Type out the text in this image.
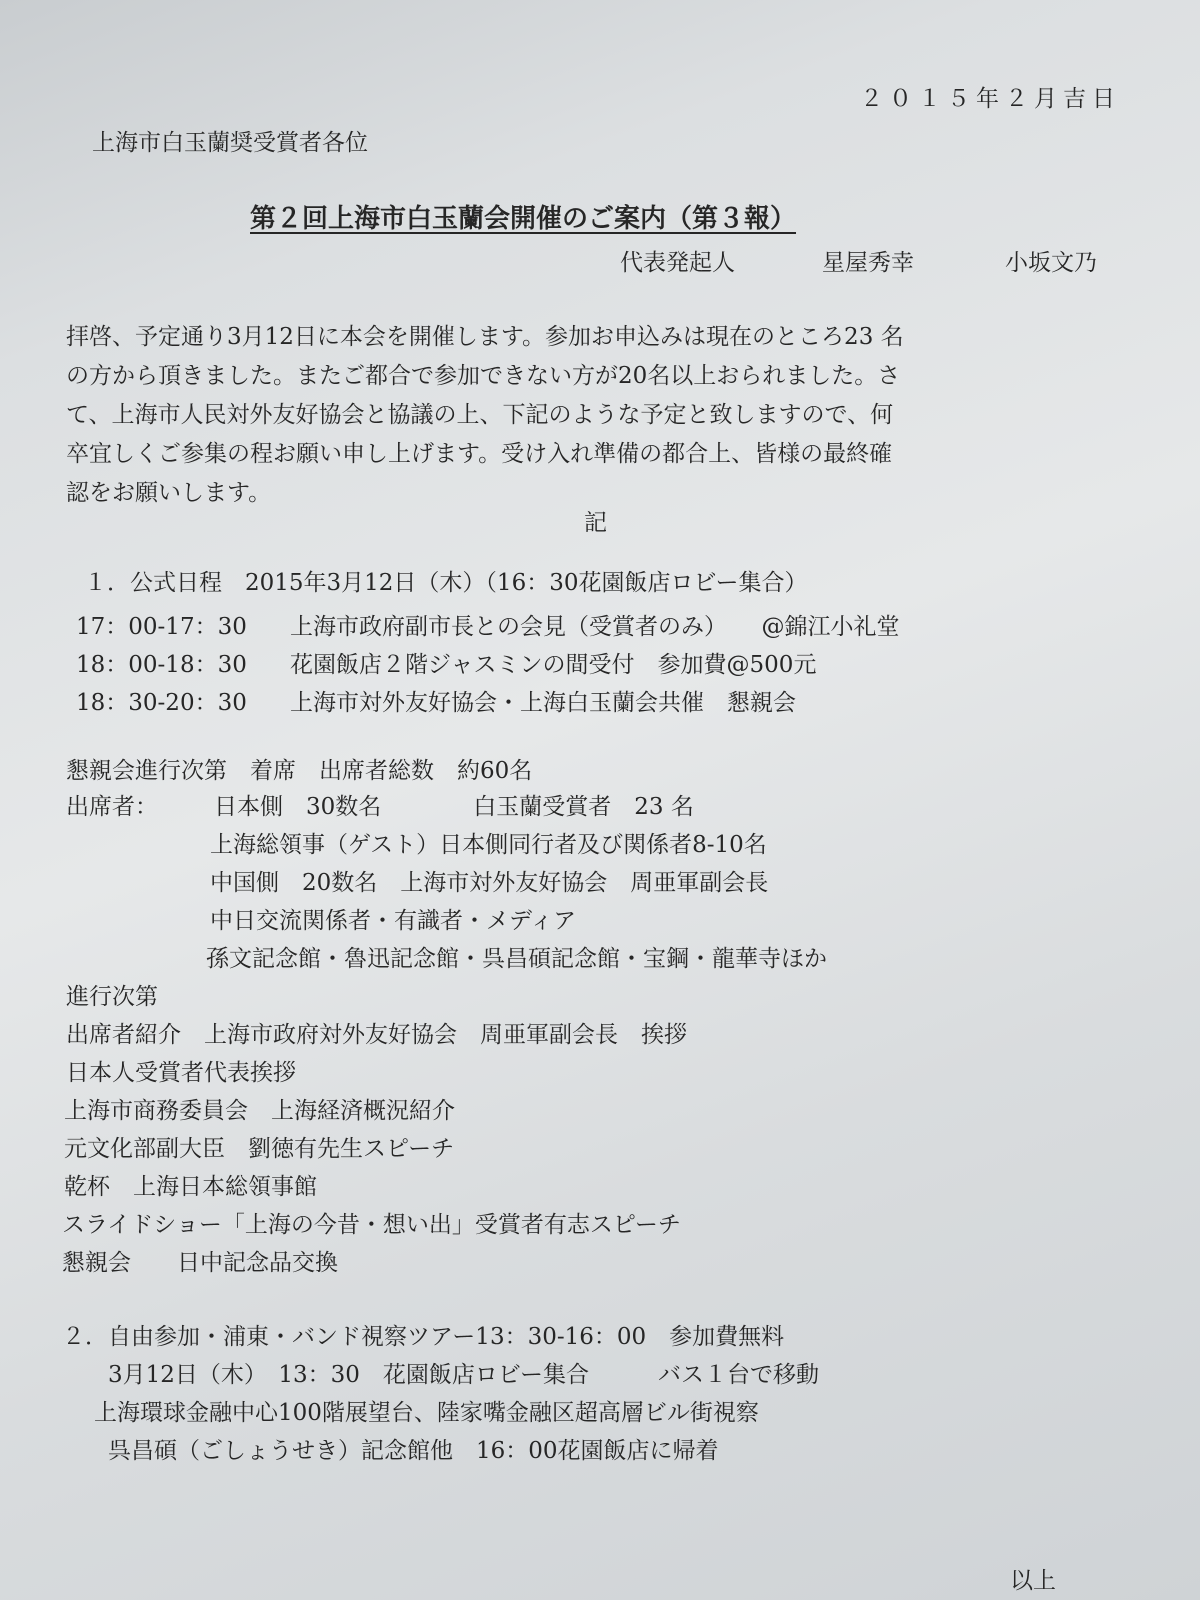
２０１５年２月吉日
上海市白玉蘭奨受賞者各位
第２回上海市白玉蘭会開催のご案内（第３報）
代表発起人	星屋秀幸	小坂文乃
拝啓、予定通り3月12日に本会を開催します。参加お申込みは現在のところ23 名
の方から頂きました。またご都合で参加できない方が20名以上おられました。さ
て、上海市人民対外友好協会と協議の上、下記のような予定と致しますので、何
卒宜しくご参集の程お願い申し上げます。受け入れ準備の都合上、皆様の最終確
認をお願いします。
記
１．公式日程　2015年3月12日（木）（16：30花園飯店ロビー集合）
17：00-17：30 上海市政府副市長との会見（受賞者のみ）　　@錦江小礼堂
18：00-18：30 花園飯店２階ジャスミンの間受付　参加費@500元
18：30-20：30 上海市対外友好協会・上海白玉蘭会共催　懇親会
懇親会進行次第　着席　出席者総数　約60名
出席者： 日本側　30数名　　　　白玉蘭受賞者　23 名
上海総領事（ゲスト）日本側同行者及び関係者8-10名
中国側　20数名　上海市対外友好協会　周亜軍副会長
中日交流関係者・有識者・メディア
孫文記念館・魯迅記念館・呉昌碩記念館・宝鋼・龍華寺ほか
進行次第
出席者紹介　上海市政府対外友好協会　周亜軍副会長　挨拶
日本人受賞者代表挨拶
上海市商務委員会　上海経済概況紹介
元文化部副大臣　劉徳有先生スピーチ
乾杯　上海日本総領事館
スライドショー「上海の今昔・想い出」受賞者有志スピーチ
懇親会　　日中記念品交換
２．自由参加・浦東・バンド視察ツアー13：30-16：00　参加費無料
3月12日（木）　13：30　花園飯店ロビー集合　　　バス１台で移動
上海環球金融中心100階展望台、陸家嘴金融区超高層ビル街視察
呉昌碩（ごしょうせき）記念館他　16：00花園飯店に帰着
以上
